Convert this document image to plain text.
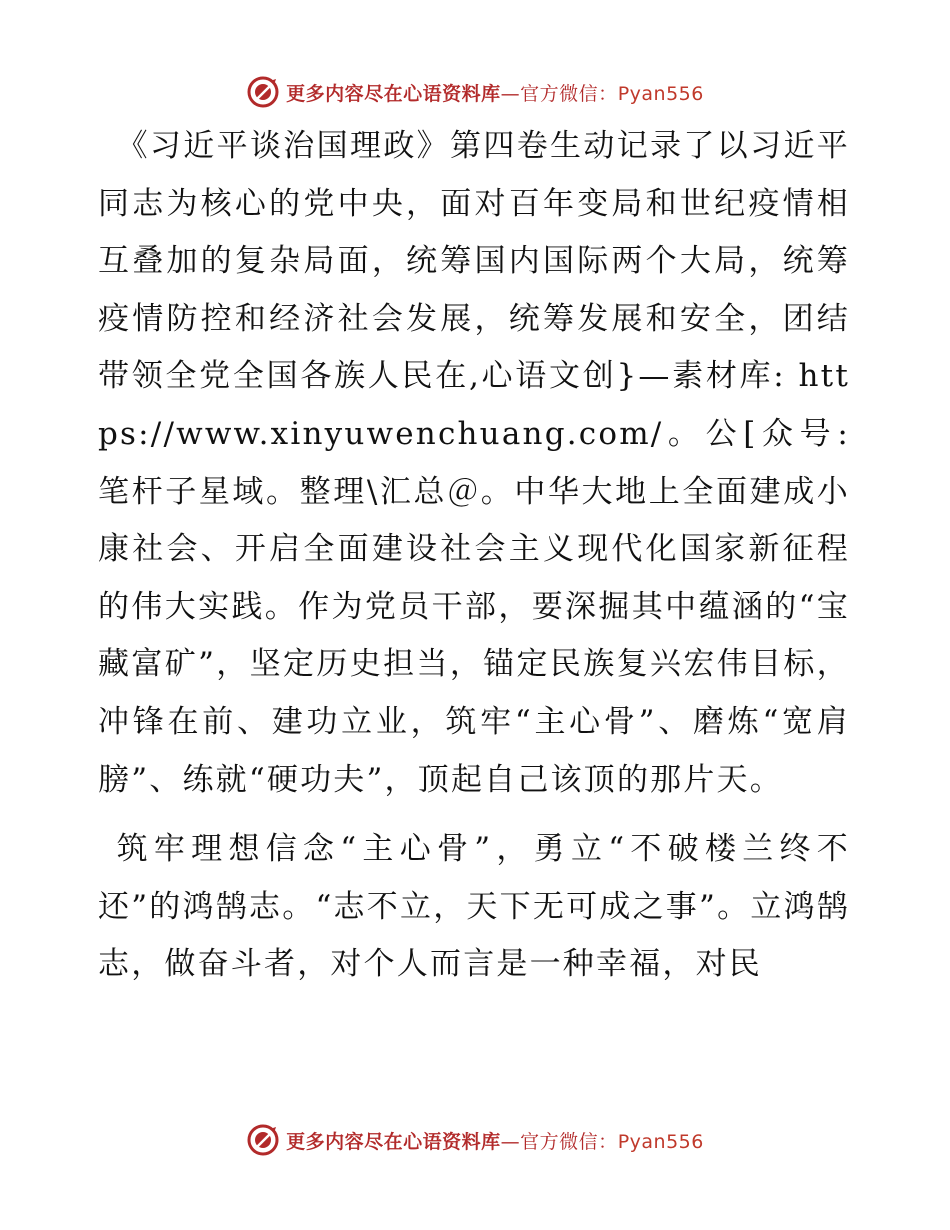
更多内容尽在心语资料库—官方微信：Pyan556

《习近平谈治国理政》第四卷生动记录了以习近平同志为核心的党中央，面对百年变局和世纪疫情相互叠加的复杂局面，统筹国内国际两个大局，统筹疫情防控和经济社会发展，统筹发展和安全，团结带领全党全国各族人民在,心语文创}—素材库: https://www.xinyuwenchuang.com/。公[众号: 笔杆子星域。整理\汇总＠。中华大地上全面建成小康社会、开启全面建设社会主义现代化国家新征程的伟大实践。作为党员干部，要深掘其中蕴涵的“宝藏富矿”，坚定历史担当，锚定民族复兴宏伟目标，冲锋在前、建功立业，筑牢“主心骨”、磨炼“宽肩膀”、练就“硬功夫”，顶起自己该顶的那片天。

筑牢理想信念“主心骨”，勇立“不破楼兰终不还”的鸿鹄志。“志不立，天下无可成之事”。立鸿鹄志，做奋斗者，对个人而言是一种幸福，对民

更多内容尽在心语资料库—官方微信：Pyan556
